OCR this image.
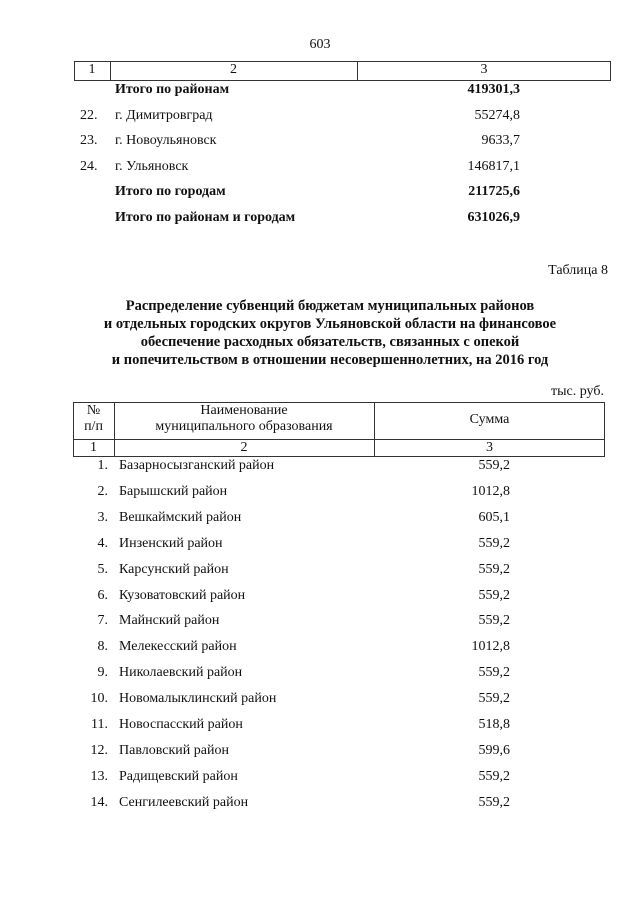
603
1	2	3
Итого по районам	419301,3
22.	г. Димитровград	55274,8
23.	г. Новоульяновск	9633,7
24.	г. Ульяновск	146817,1
Итого по городам	211725,6
Итого по районам и городам	631026,9
Таблица 8
Распределение субвенций бюджетам муниципальных районов
и отдельных городских округов Ульяновской области на финансовое
обеспечение расходных обязательств, связанных с опекой
и попечительством в отношении несовершеннолетних, на 2016 год
тыс. руб.
№
п/п
Наименование
муниципального образования	Сумма
1	2	3
1. Базарносызганский район	559,2
2. Барышский район	1012,8
3. Вешкаймский район	605,1
4. Инзенский район	559,2
5. Карсунский район	559,2
6. Кузоватовский район	559,2
7. Майнский район	559,2
8. Мелекесский район	1012,8
9. Николаевский район	559,2
10. Новомалыклинский район	559,2
11. Новоспасский район	518,8
12. Павловский район	599,6
13. Радищевский район	559,2
14. Сенгилеевский район	559,2
